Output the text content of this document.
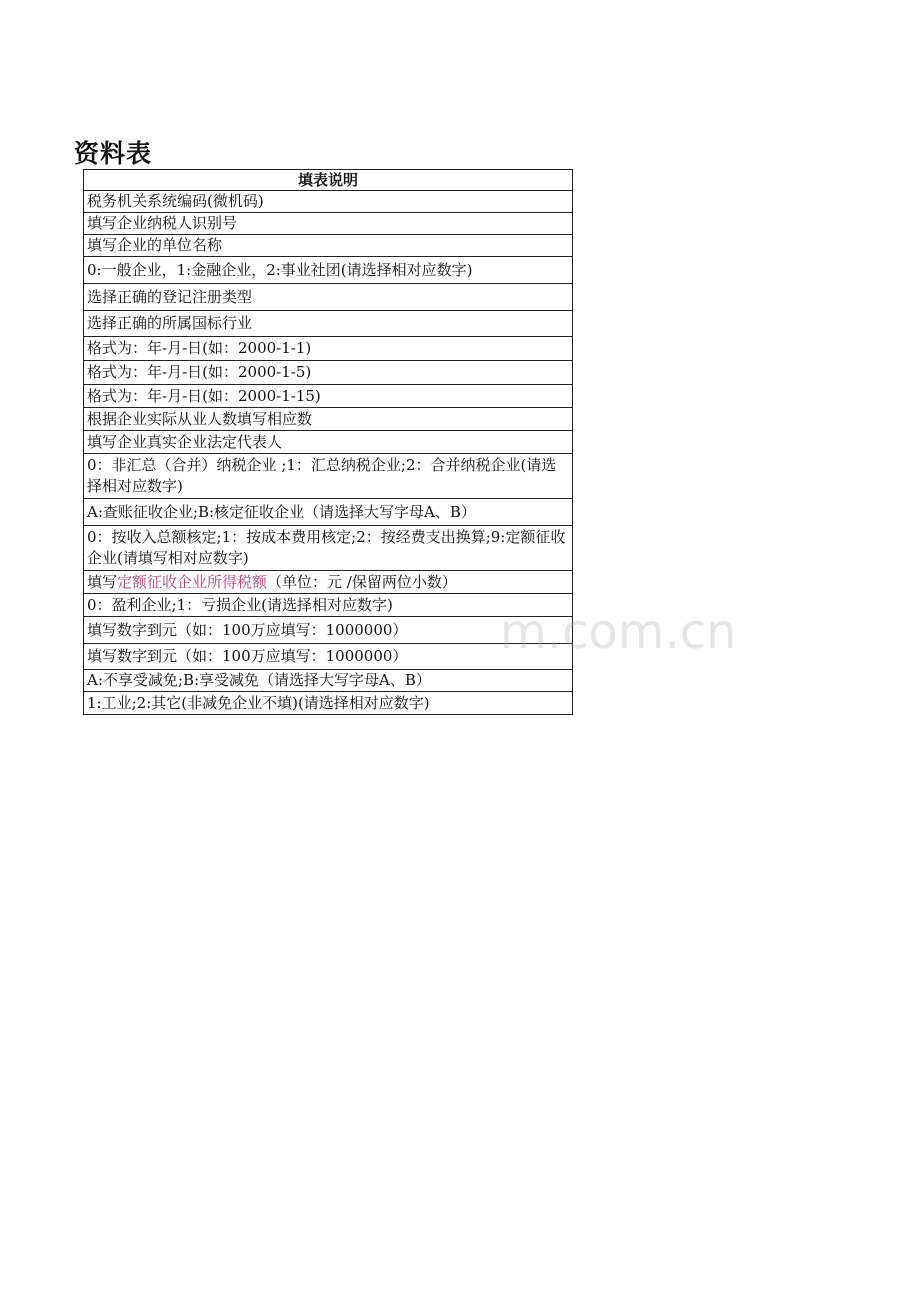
资料表
填表说明
税务机关系统编码(微机码)
填写企业纳税人识别号
填写企业的单位名称
0:一般企业，1:金融企业，2:事业社团(请选择相对应数字)
选择正确的登记注册类型
选择正确的所属国标行业
格式为：年-月-日(如：2000-1-1)
格式为：年-月-日(如：2000-1-5)
格式为：年-月-日(如：2000-1-15)
根据企业实际从业人数填写相应数
填写企业真实企业法定代表人
0：非汇总（合并）纳税企业 ;1：汇总纳税企业;2：合并纳税企业(请选择相对应数字)
A:查账征收企业;B:核定征收企业（请选择大写字母A、B）
0：按收入总额核定;1：按成本费用核定;2：按经费支出换算;9:定额征收企业(请填写相对应数字)
填写定额征收企业所得税额（单位：元 /保留两位小数）
0：盈利企业;1：亏损企业(请选择相对应数字)
填写数字到元（如：100万应填写：1000000）
填写数字到元（如：100万应填写：1000000）
A:不享受减免;B:享受减免（请选择大写字母A、B）
1:工业;2:其它(非减免企业不填)(请选择相对应数字)
m.com.cn
